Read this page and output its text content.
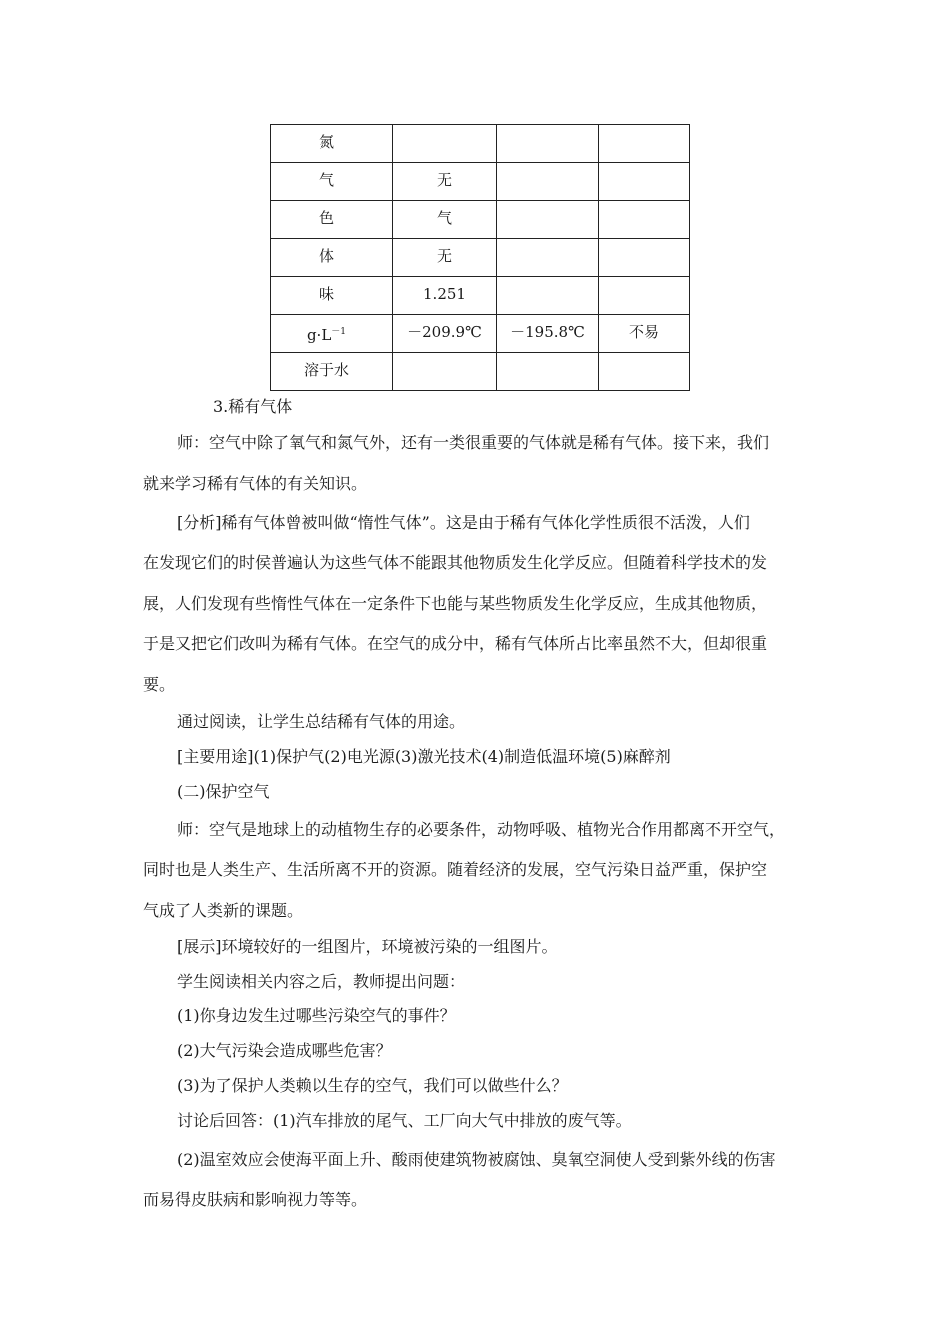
氮			
气	无		
色	气		
体	无		
味	1.251		
$g\cdot L^{-1}$	－209.9℃	－195.8℃	不易
溶于水			
3.稀有气体
师：空气中除了氧气和氮气外，还有一类很重要的气体就是稀有气体。接下来，我们
就来学习稀有气体的有关知识。
[分析]稀有气体曾被叫做“惰性气体”。这是由于稀有气体化学性质很不活泼，人们
在发现它们的时侯普遍认为这些气体不能跟其他物质发生化学反应。但随着科学技术的发
展，人们发现有些惰性气体在一定条件下也能与某些物质发生化学反应，生成其他物质，
于是又把它们改叫为稀有气体。在空气的成分中，稀有气体所占比率虽然不大，但却很重
要。
通过阅读，让学生总结稀有气体的用途。
[主要用途](1)保护气(2)电光源(3)激光技术(4)制造低温环境(5)麻醉剂
(二)保护空气
师：空气是地球上的动植物生存的必要条件，动物呼吸、植物光合作用都离不开空气，
同时也是人类生产、生活所离不开的资源。随着经济的发展，空气污染日益严重，保护空
气成了人类新的课题。
[展示]环境较好的一组图片，环境被污染的一组图片。
学生阅读相关内容之后，教师提出问题：
(1)你身边发生过哪些污染空气的事件？
(2)大气污染会造成哪些危害？
(3)为了保护人类赖以生存的空气，我们可以做些什么？
讨论后回答：(1)汽车排放的尾气、工厂向大气中排放的废气等。
(2)温室效应会使海平面上升、酸雨使建筑物被腐蚀、臭氧空洞使人受到紫外线的伤害
而易得皮肤病和影响视力等等。
